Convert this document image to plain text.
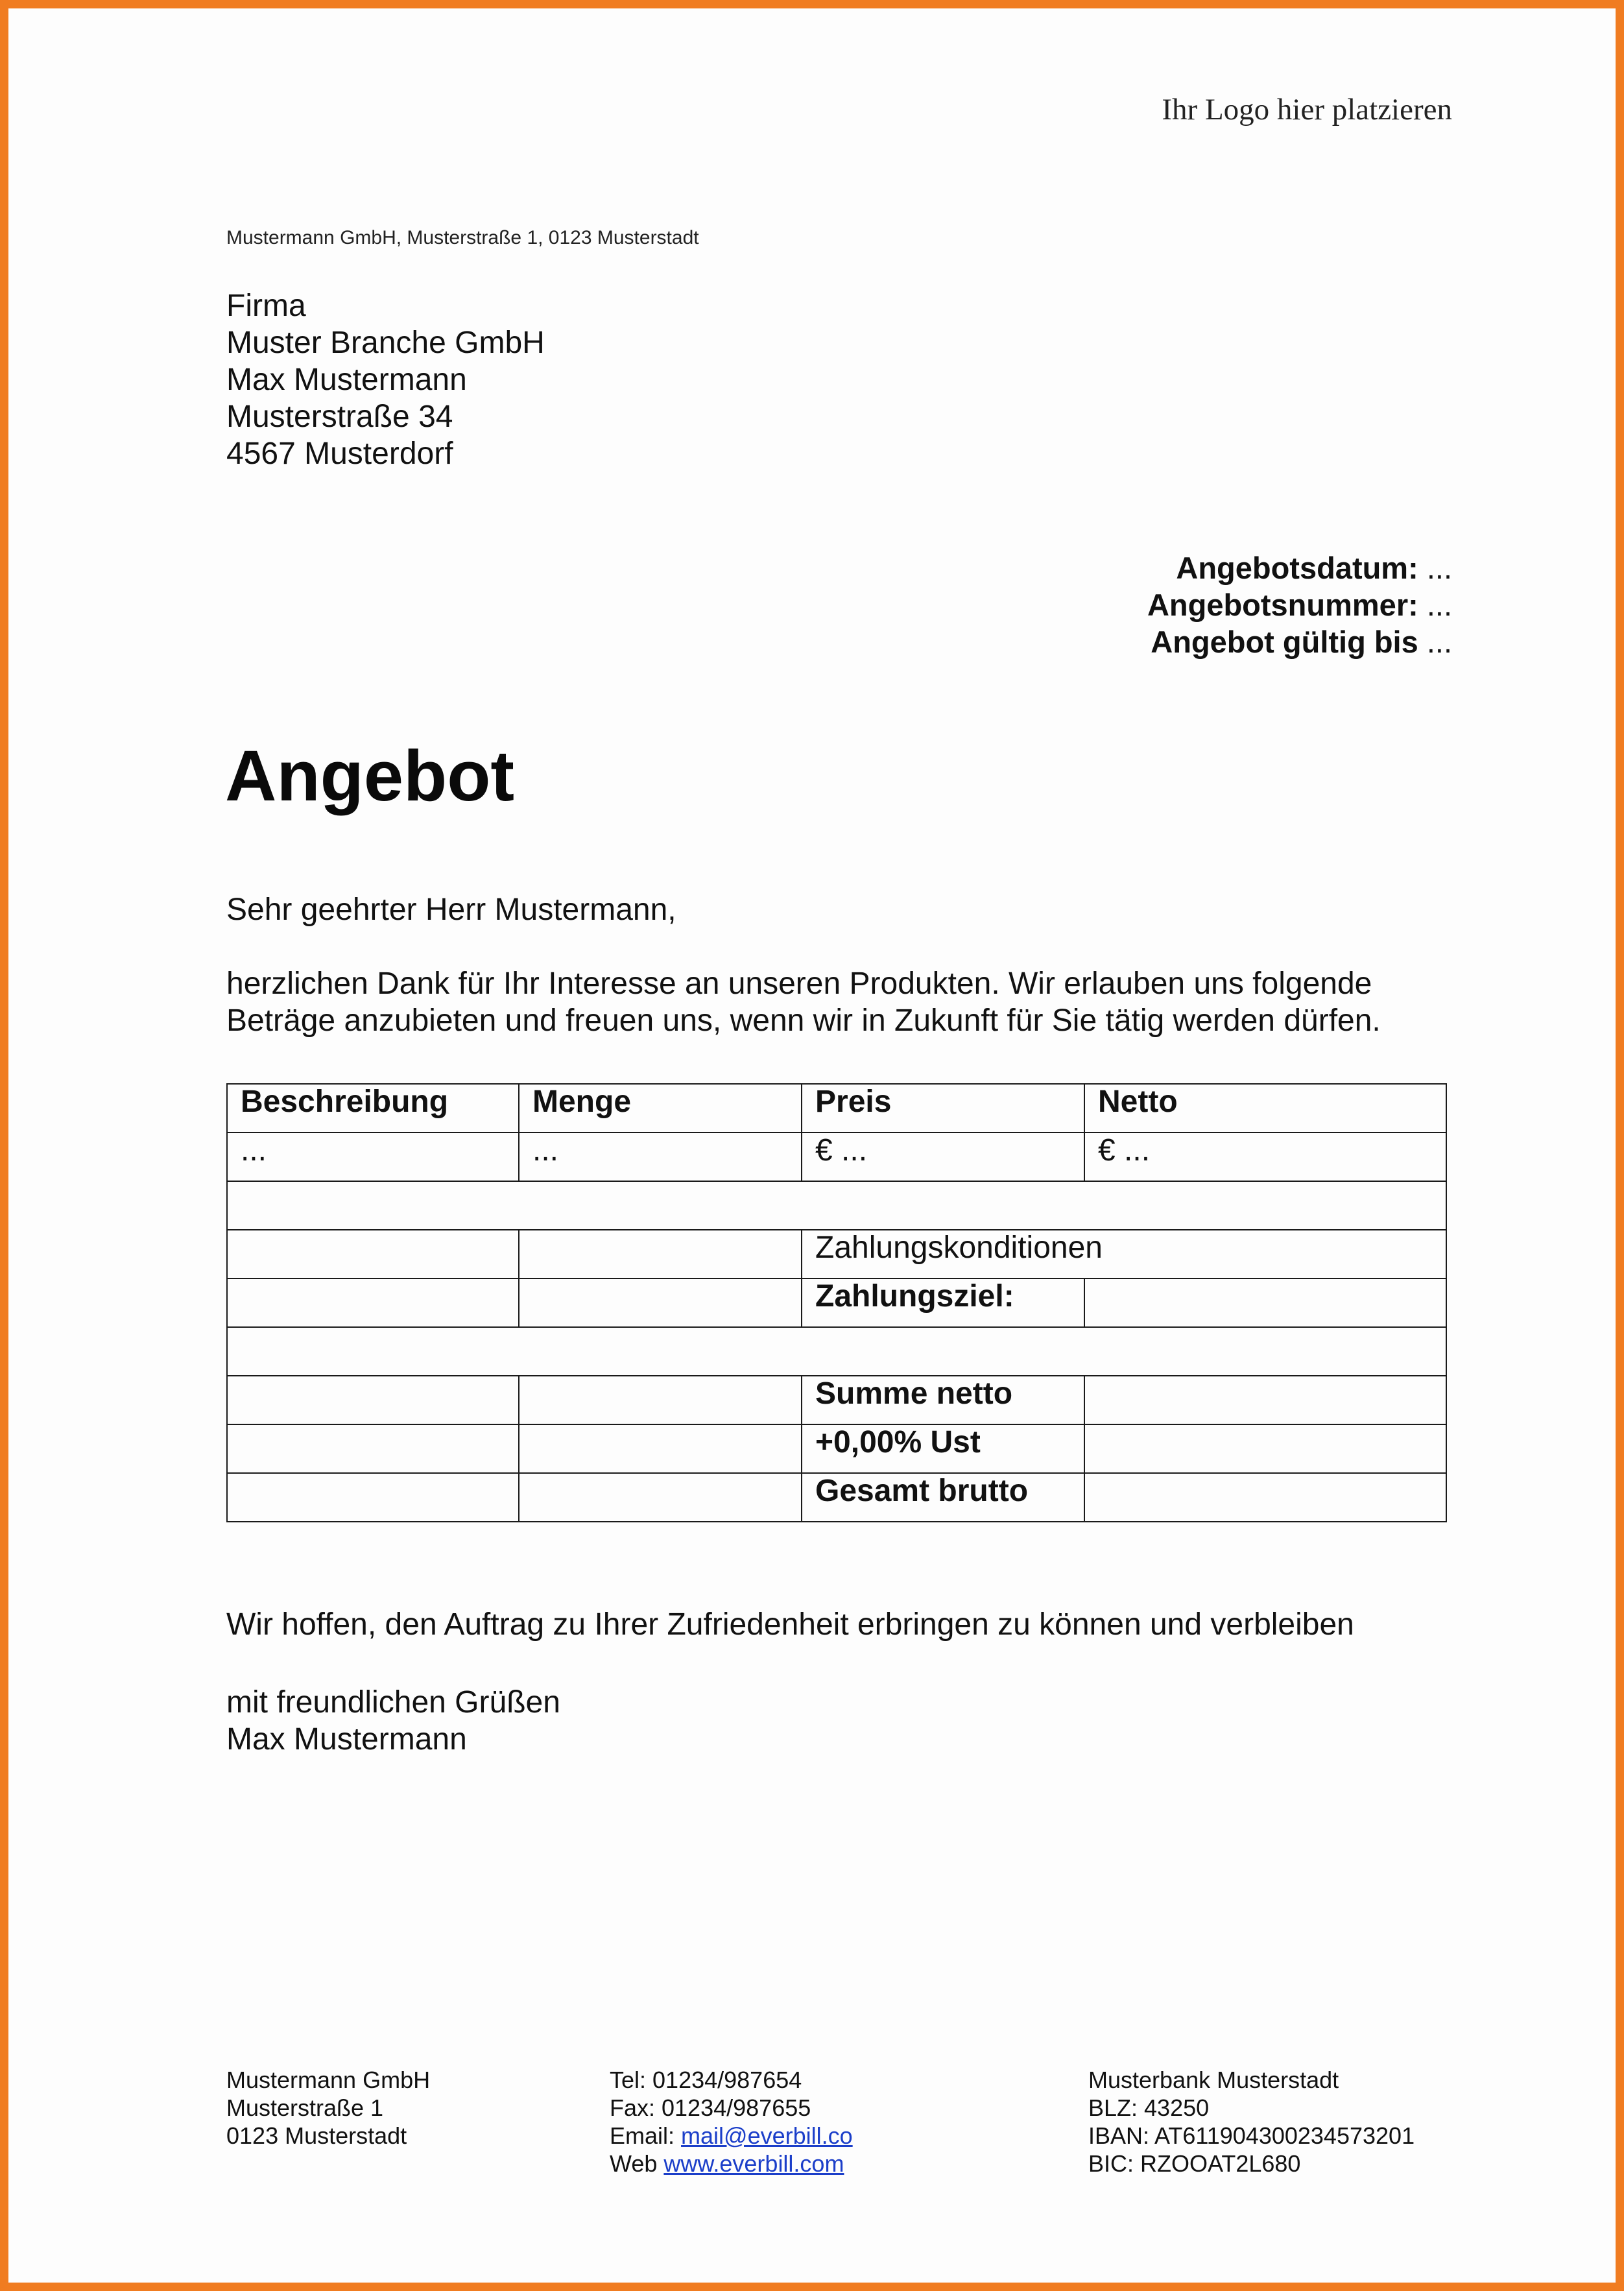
Ihr Logo hier platzieren
Mustermann GmbH, Musterstraße 1, 0123 Musterstadt
Firma
Muster Branche GmbH
Max Mustermann
Musterstraße 34
4567 Musterdorf
Angebotsdatum: ...
Angebotsnummer: ...
Angebot gültig bis ...
Angebot
Sehr geehrter Herr Mustermann,
herzlichen Dank für Ihr Interesse an unseren Produkten. Wir erlauben uns folgende
Beträge anzubieten und freuen uns, wenn wir in Zukunft für Sie tätig werden dürfen.
Beschreibung	Menge	Preis	Netto
...	...	€ ...	€ ...

		Zahlungskonditionen	
		Zahlungsziel:	

		Summe netto	
		+0,00% Ust	
		Gesamt brutto	
Wir hoffen, den Auftrag zu Ihrer Zufriedenheit erbringen zu können und verbleiben
mit freundlichen Grüßen
Max Mustermann
Mustermann GmbH
Musterstraße 1
0123 Musterstadt
Tel: 01234/987654
Fax: 01234/987655
Email: mail@everbill.co
Web www.everbill.com
Musterbank Musterstadt
BLZ: 43250
IBAN: AT611904300234573201
BIC: RZOOAT2L680
